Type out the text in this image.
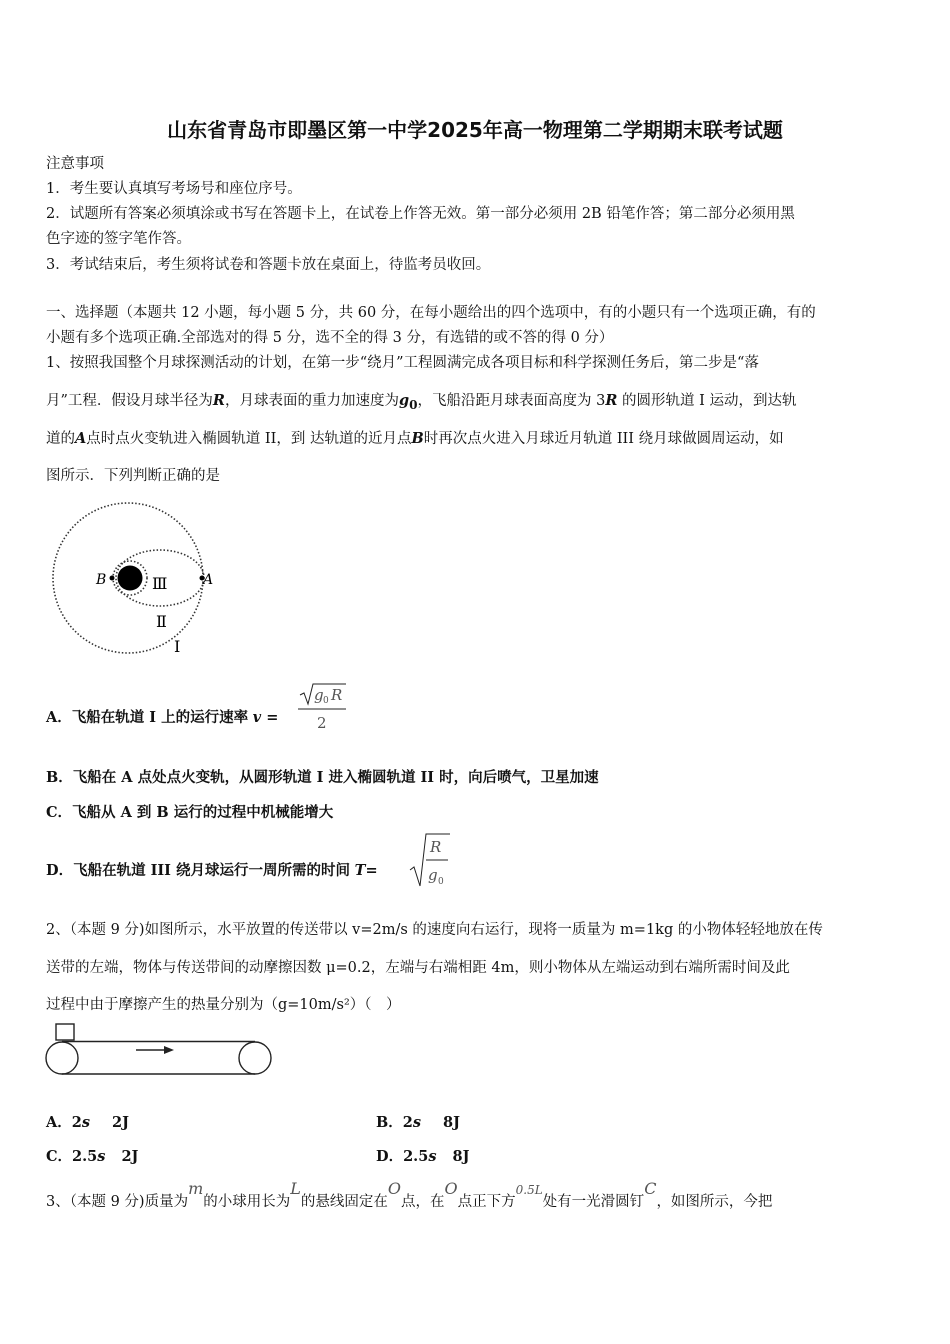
山东省青岛市即墨区第一中学2025年高一物理第二学期期末联考试题
注意事项
1．考生要认真填写考场号和座位序号。
2．试题所有答案必须填涂或书写在答题卡上，在试卷上作答无效。第一部分必须用 2B 铅笔作答；第二部分必须用黑
色字迹的签字笔作答。
3．考试结束后，考生须将试卷和答题卡放在桌面上，待监考员收回。
一、选择题（本题共 12 小题，每小题 5 分，共 60 分，在每小题给出的四个选项中，有的小题只有一个选项正确，有的
小题有多个选项正确.全部选对的得 5 分，选不全的得 3 分，有选错的或不答的得 0 分）
1、按照我国整个月球探测活动的计划，在第一步“绕月”工程圆满完成各项目标和科学探测任务后，第二步是“落
月”工程．假设月球半径为R，月球表面的重力加速度为$g_0$，飞船沿距月球表面高度为 3R 的圆形轨道 I 运动，到达轨
道的A点时点火变轨进入椭圆轨道 II，到 达轨道的近月点B时再次点火进入月球近月轨道 III 绕月球做圆周运动，如
图所示．下列判断正确的是
B	A
Ⅲ
Ⅱ
Ⅰ
A．飞船在轨道 I 上的运行速率 v =
g 0 R
2
B．飞船在 A 点处点火变轨，从圆形轨道 I 进入椭圆轨道 II 时，向后喷气，卫星加速
C．飞船从 A 到 B 运行的过程中机械能增大
D．飞船在轨道 III 绕月球运行一周所需的时间 T=
R
g 0
2、（本题 9 分)如图所示，水平放置的传送带以 v=2m/s 的速度向右运行，现将一质量为 m=1kg 的小物体轻轻地放在传
送带的左端，物体与传送带间的动摩擦因数 μ=0.2，左端与右端相距 4m，则小物体从左端运动到右端所需时间及此
过程中由于摩擦产生的热量分别为（g=10m/s²）（　）
A．2s 2J	B．2s 8J
C．2.5s 2J	D．2.5s 8J
3、（本题 9 分)质量为m的小球用长为L的悬线固定在O点，在O点正下方$^{0.5L}$处有一光滑圆钉C，如图所示，今把
